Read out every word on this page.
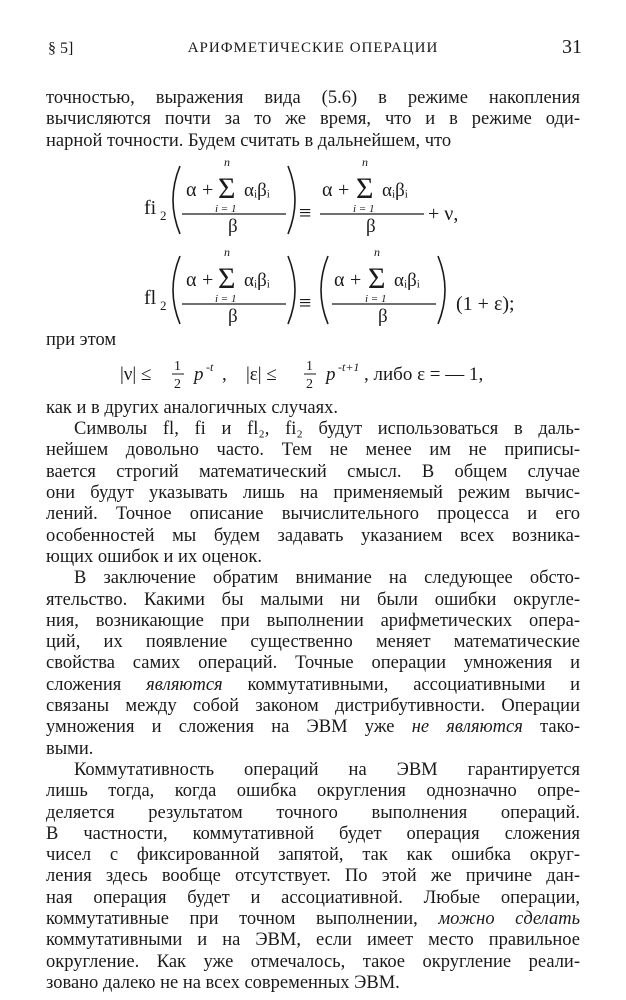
§ 5]	АРИФМЕТИЧЕСКИЕ ОПЕРАЦИИ	31

точностью, выражения вида (5.6) в режиме накопления

вычисляются почти за то же время, что и в режиме оди-

нарной точности. Будем считать в дальнейшем, что

fi 2
α +
n
Σ
i = 1
αᵢβᵢ
β
≡
α +
n
Σ
i = 1
αᵢβᵢ
β
+ ν,
fl 2
α +
n
Σ
i = 1
αᵢβᵢ
β
≡
α +
n
Σ
i = 1
αᵢβᵢ
β
(1 + ε);
при этом
|ν| ≤ 1
2 p -t , |ε| ≤ 1
2 p -t+1 , либо ε = — 1,

как и в других аналогичных случаях.

Символы fl, fi и fl₂, fi₂ будут использоваться в даль-

нейшем довольно часто. Тем не менее им не приписы-

вается строгий математический смысл. В общем случае

они будут указывать лишь на применяемый режим вычис-

лений. Точное описание вычислительного процесса и его

особенностей мы будем задавать указанием всех возника-

ющих ошибок и их оценок.

В заключение обратим внимание на следующее обсто-

ятельство. Какими бы малыми ни были ошибки округле-

ния, возникающие при выполнении арифметических опера-

ций, их появление существенно меняет математические

свойства самих операций. Точные операции умножения и

сложения являются коммутативными, ассоциативными и

связаны между собой законом дистрибутивности. Операции

умножения и сложения на ЭВМ уже не являются тако-

выми.

Коммутативность операций на ЭВМ гарантируется

лишь тогда, когда ошибка округления однозначно опре-

деляется результатом точного выполнения операций.

В частности, коммутативной будет операция сложения

чисел с фиксированной запятой, так как ошибка округ-

ления здесь вообще отсутствует. По этой же причине дан-

ная операция будет и ассоциативной. Любые операции,

коммутативные при точном выполнении, можно сделать

коммутативными и на ЭВМ, если имеет место правильное

округление. Как уже отмечалось, такое округление реали-

зовано далеко не на всех современных ЭВМ.
